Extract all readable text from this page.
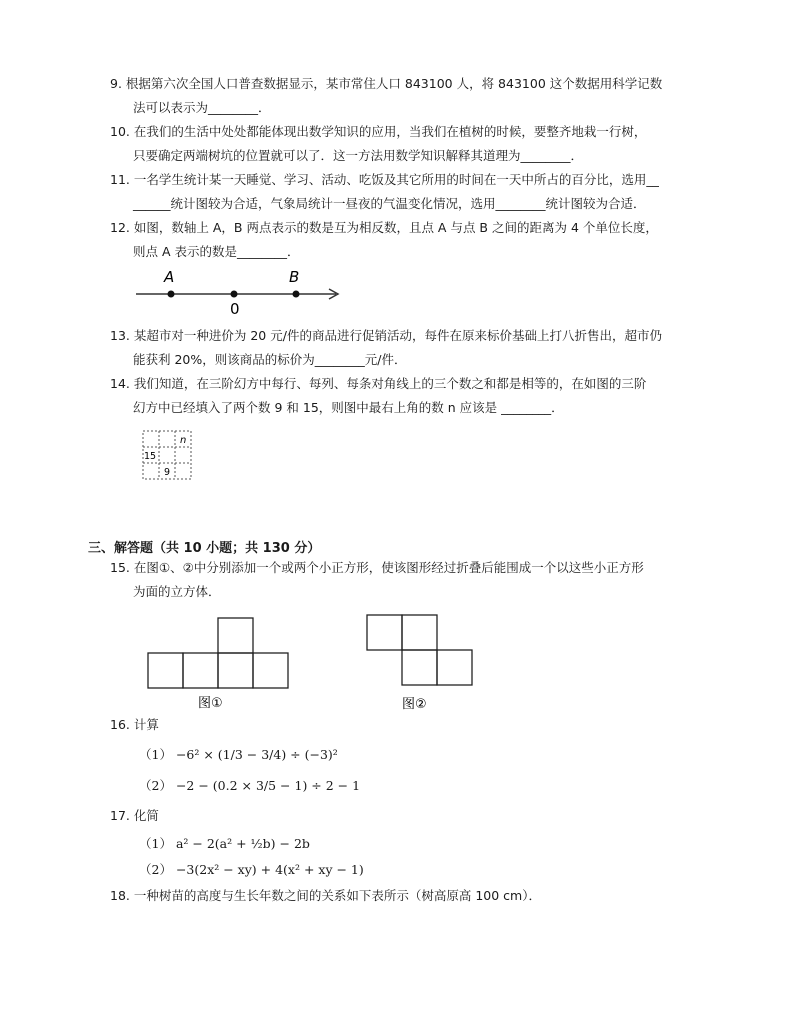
9. 根据第六次全国人口普查数据显示，某市常住人口 843100 人，将 843100 这个数据用科学记数
法可以表示为________．
10. 在我们的生活中处处都能体现出数学知识的应用，当我们在植树的时候，要整齐地栽一行树，
只要确定两端树坑的位置就可以了．这一方法用数学知识解释其道理为________．
11. 一名学生统计某一天睡觉、学习、活动、吃饭及其它所用的时间在一天中所占的百分比，选用__
______统计图较为合适，气象局统计一昼夜的气温变化情况，选用________统计图较为合适．
12. 如图，数轴上 A，B 两点表示的数是互为相反数，且点 A 与点 B 之间的距离为 4 个单位长度，
则点 A 表示的数是________．
A
0
B
13. 某超市对一种进价为 20 元/件的商品进行促销活动，每件在原来标价基础上打八折售出，超市仍
能获利 20%，则该商品的标价为________元/件．
14. 我们知道，在三阶幻方中每行、每列、每条对角线上的三个数之和都是相等的，在如图的三阶
幻方中已经填入了两个数 9 和 15，则图中最右上角的数 n 应该是 ________．
n
15
9
三、解答题（共 10 小题；共 130 分）
15. 在图①、②中分别添加一个或两个小正方形，使该图形经过折叠后能围成一个以这些小正方形
为面的立方体．
图①	图②
16. 计算
（1） −6² × (1/3 − 3/4) ÷ (−3)²
（2） −2 − (0.2 × 3/5 − 1) ÷ 2 − 1
17. 化简
（1） a² − 2(a² + ½b) − 2b
（2） −3(2x² − xy) + 4(x² + xy − 1)
18. 一种树苗的高度与生长年数之间的关系如下表所示（树高原高 100 cm）．
